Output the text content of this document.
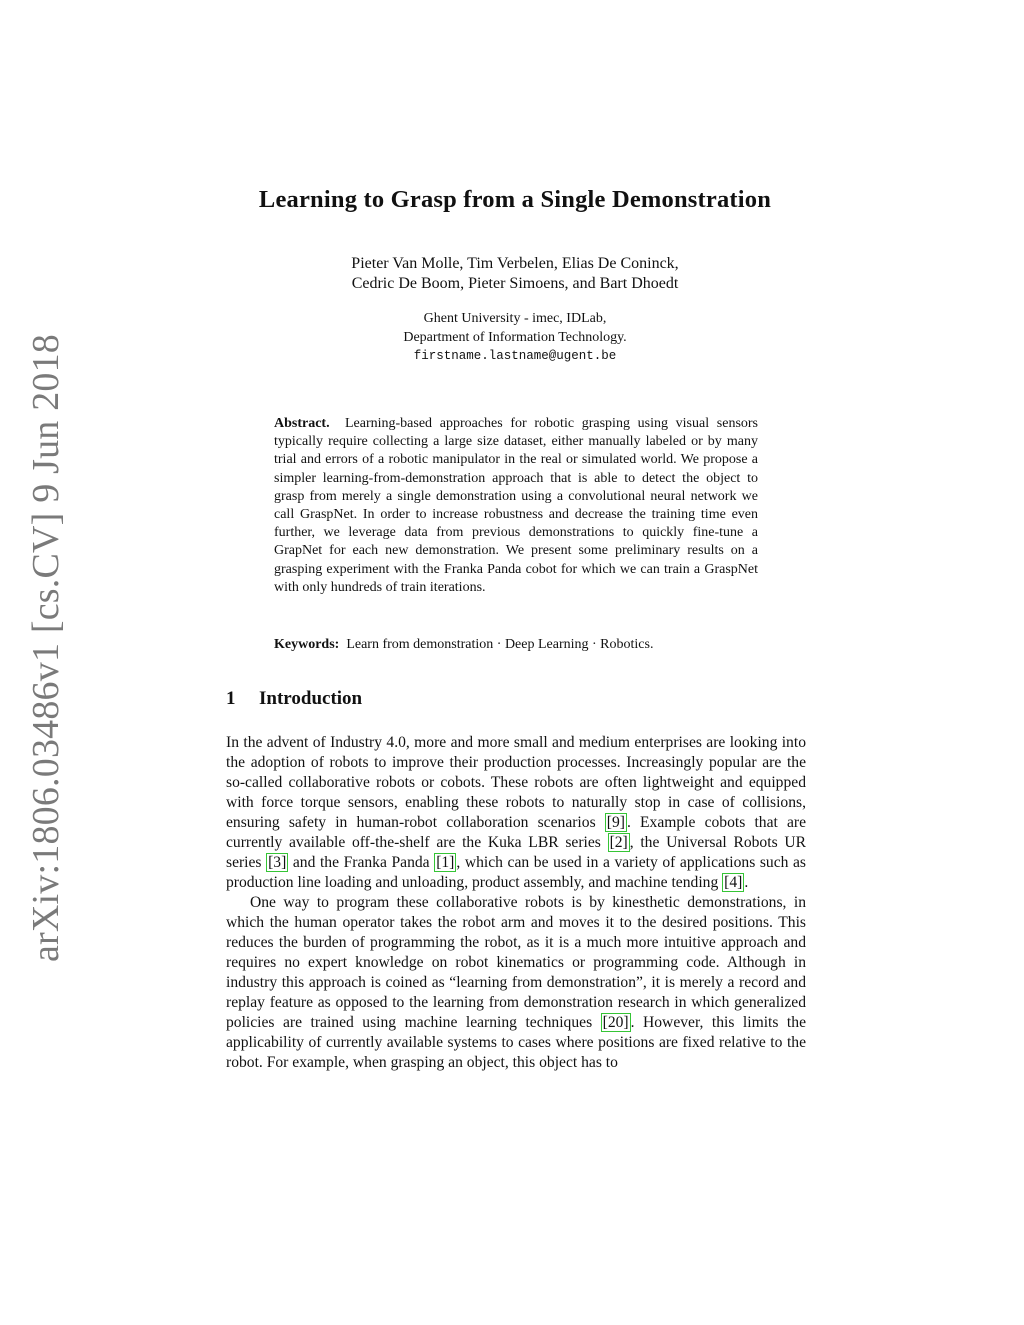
arXiv:1806.03486v1 [cs.CV] 9 Jun 2018
Learning to Grasp from a Single Demonstration
Pieter Van Molle, Tim Verbelen, Elias De Coninck,
Cedric De Boom, Pieter Simoens, and Bart Dhoedt
Ghent University - imec, IDLab,
Department of Information Technology.
firstname.lastname@ugent.be
Abstract. Learning-based approaches for robotic grasping using visual sensors typically require collecting a large size dataset, either manually labeled or by many trial and errors of a robotic manipulator in the real or simulated world. We propose a simpler learning-from-demonstration approach that is able to detect the object to grasp from merely a single demonstration using a convolutional neural network we call GraspNet. In order to increase robustness and decrease the training time even further, we leverage data from previous demonstrations to quickly fine-tune a GrapNet for each new demonstration. We present some preliminary results on a grasping experiment with the Franka Panda cobot for which we can train a GraspNet with only hundreds of train iterations.
Keywords: Learn from demonstration · Deep Learning · Robotics.
1 Introduction

In the advent of Industry 4.0, more and more small and medium enterprises are looking into the adoption of robots to improve their production processes. Increasingly popular are the so-called collaborative robots or cobots. These robots are often lightweight and equipped with force torque sensors, enabling these robots to naturally stop in case of collisions, ensuring safety in human-robot collaboration scenarios [9] . Example cobots that are currently available off-the-shelf are the Kuka LBR series [2] , the Universal Robots UR series [3] and the Franka Panda [1] , which can be used in a variety of applications such as production line loading and unloading, product assembly, and machine tending [4] .

One way to program these collaborative robots is by kinesthetic demonstrations, in which the human operator takes the robot arm and moves it to the desired positions. This reduces the burden of programming the robot, as it is a much more intuitive approach and requires no expert knowledge on robot kinematics or programming code. Although in industry this approach is coined as “learning from demonstration”, it is merely a record and replay feature as opposed to the learning from demonstration research in which generalized policies are trained using machine learning techniques [20] . However, this limits the applicability of currently available systems to cases where positions are fixed relative to the robot. For example, when grasping an object, this object has to
